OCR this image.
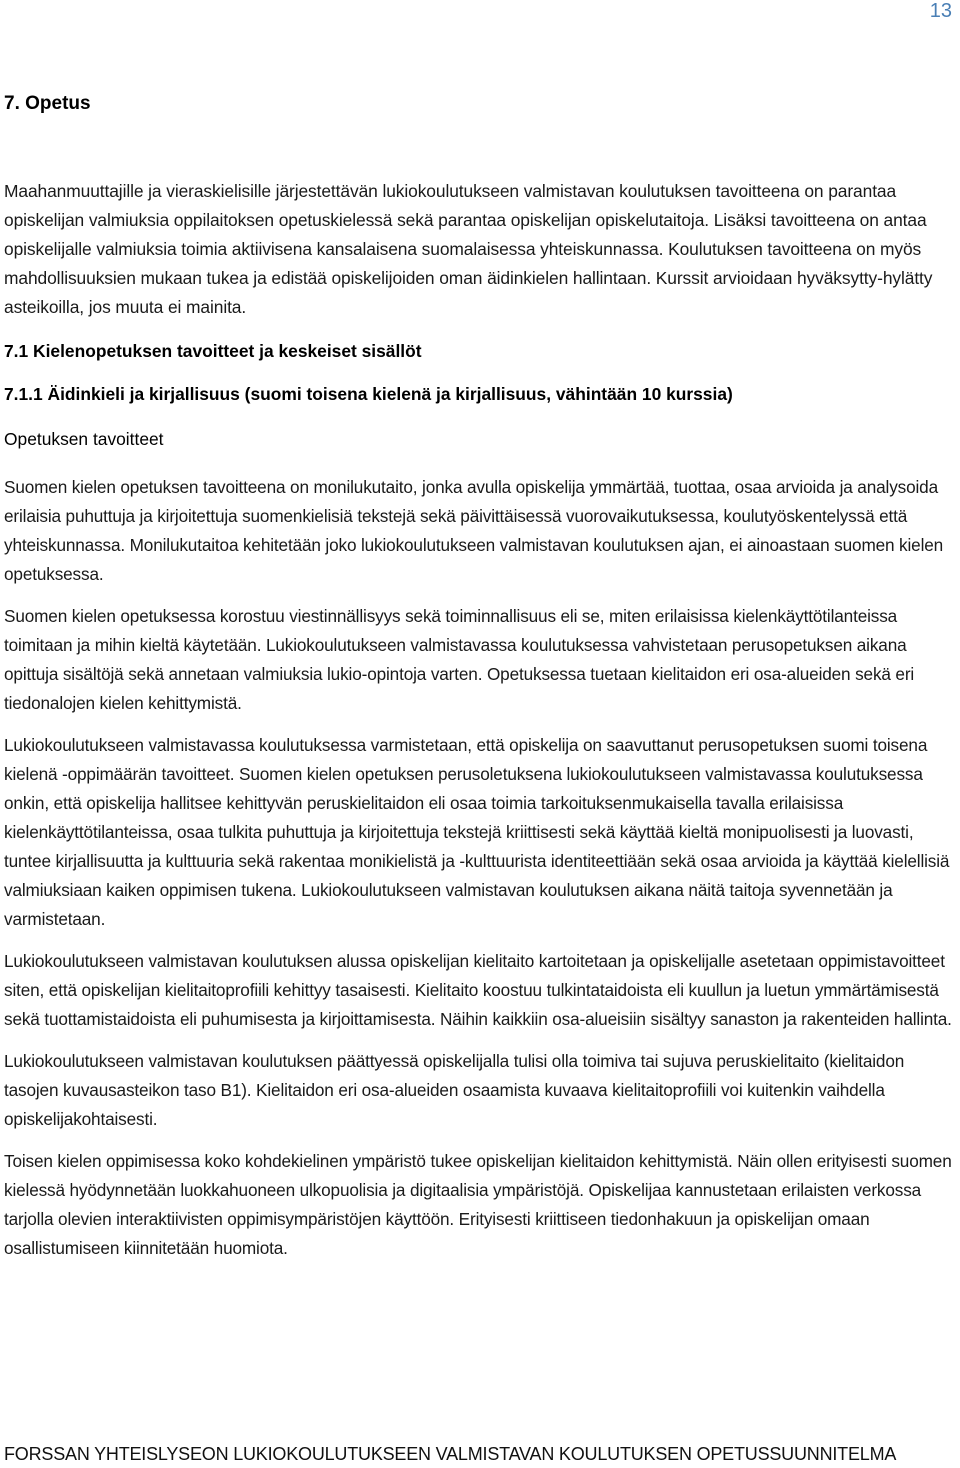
13
7. Opetus

Maahanmuuttajille ja vieraskielisille järjestettävän lukiokoulutukseen valmistavan koulutuksen tavoitteena on parantaa opiskelijan valmiuksia oppilaitoksen opetuskielessä sekä parantaa opiskelijan opiskelutaitoja. Lisäksi tavoitteena on antaa opiskelijalle valmiuksia toimia aktiivisena kansalaisena suomalaisessa yhteiskunnassa. Koulutuksen tavoitteena on myös mahdollisuuksien mukaan tukea ja edistää opiskelijoiden oman äidinkielen hallintaan. Kurssit arvioidaan hyväksytty-hylätty asteikoilla, jos muuta ei mainita.

7.1 Kielenopetuksen tavoitteet ja keskeiset sisällöt
7.1.1 Äidinkieli ja kirjallisuus (suomi toisena kielenä ja kirjallisuus, vähintään 10 kurssia)
Opetuksen tavoitteet

Suomen kielen opetuksen tavoitteena on monilukutaito, jonka avulla opiskelija ymmärtää, tuottaa, osaa arvioida ja analysoida erilaisia puhuttuja ja kirjoitettuja suomenkielisiä tekstejä sekä päivittäisessä vuorovaikutuksessa, koulutyöskentelyssä että yhteiskunnassa. Monilukutaitoa kehitetään joko lukiokoulutukseen valmistavan koulutuksen ajan, ei ainoastaan suomen kielen opetuksessa.

Suomen kielen opetuksessa korostuu viestinnällisyys sekä toiminnallisuus eli se, miten erilaisissa kielenkäyttötilanteissa toimitaan ja mihin kieltä käytetään. Lukiokoulutukseen valmistavassa koulutuksessa vahvistetaan perusopetuksen aikana opittuja sisältöjä sekä annetaan valmiuksia lukio-opintoja varten. Opetuksessa tuetaan kielitaidon eri osa-alueiden sekä eri tiedonalojen kielen kehittymistä.

Lukiokoulutukseen valmistavassa koulutuksessa varmistetaan, että opiskelija on saavuttanut perusopetuksen suomi toisena kielenä -oppimäärän tavoitteet. Suomen kielen opetuksen perusoletuksena lukiokoulutukseen valmistavassa koulutuksessa onkin, että opiskelija hallitsee kehittyvän peruskielitaidon eli osaa toimia tarkoituksenmukaisella tavalla erilaisissa kielenkäyttötilanteissa, osaa tulkita puhuttuja ja kirjoitettuja tekstejä kriittisesti sekä käyttää kieltä monipuolisesti ja luovasti, tuntee kirjallisuutta ja kulttuuria sekä rakentaa monikielistä ja -kulttuurista identiteettiään sekä osaa arvioida ja käyttää kielellisiä valmiuksiaan kaiken oppimisen tukena. Lukiokoulutukseen valmistavan koulutuksen aikana näitä taitoja syvennetään ja varmistetaan.

Lukiokoulutukseen valmistavan koulutuksen alussa opiskelijan kielitaito kartoitetaan ja opiskelijalle asetetaan oppimistavoitteet siten, että opiskelijan kielitaitoprofiili kehittyy tasaisesti. Kielitaito koostuu tulkintataidoista eli kuullun ja luetun ymmärtämisestä sekä tuottamistaidoista eli puhumisesta ja kirjoittamisesta. Näihin kaikkiin osa-alueisiin sisältyy sanaston ja rakenteiden hallinta.

Lukiokoulutukseen valmistavan koulutuksen päättyessä opiskelijalla tulisi olla toimiva tai sujuva peruskielitaito (kielitaidon tasojen kuvausasteikon taso B1). Kielitaidon eri osa-alueiden osaamista kuvaava kielitaitoprofiili voi kuitenkin vaihdella opiskelijakohtaisesti.

Toisen kielen oppimisessa koko kohdekielinen ympäristö tukee opiskelijan kielitaidon kehittymistä. Näin ollen erityisesti suomen kielessä hyödynnetään luokkahuoneen ulkopuolisia ja digitaalisia ympäristöjä. Opiskelijaa kannustetaan erilaisten verkossa tarjolla olevien interaktiivisten oppimisympäristöjen käyttöön. Erityisesti kriittiseen tiedonhakuun ja opiskelijan omaan osallistumiseen kiinnitetään huomiota.

FORSSAN YHTEISLYSEON LUKIOKOULUTUKSEEN VALMISTAVAN KOULUTUKSEN OPETUSSUUNNITELMA
